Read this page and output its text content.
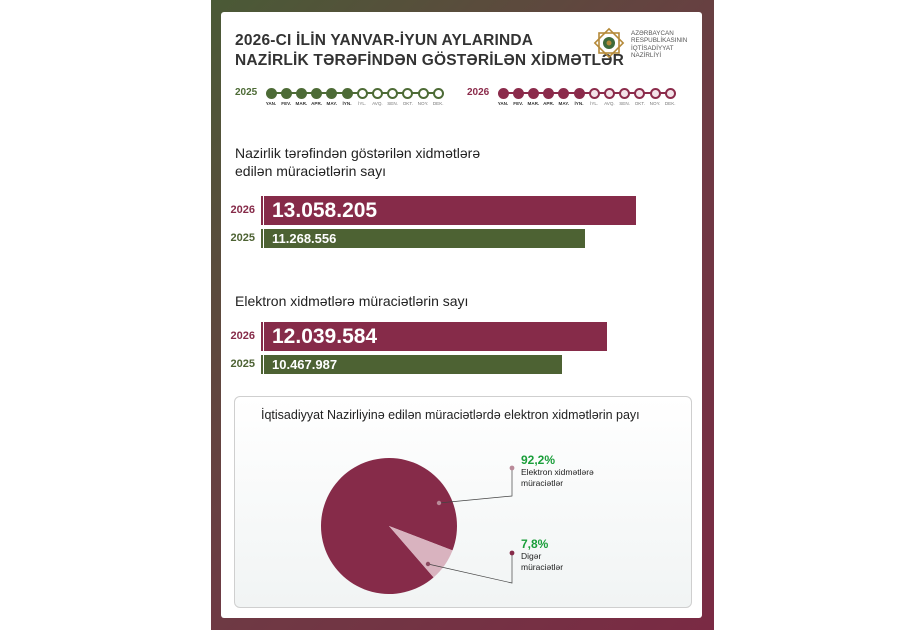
2026-CI İLİN YANVAR-İYUN AYLARINDA
NAZİRLİK TƏRƏFİNDƏN GÖSTƏRİLƏN XİDMƏTLƏR
AZƏRBAYCAN
RESPUBLİKASININ
İQTİSADİYYAT
NAZİRLİYİ
2025
YAN.	FEV. MAR. APR. MAY.	İYN.	İYL.	AVQ. SEN.	OKT.	NOY. DEK.
2026
YAN.	FEV. MAR. APR. MAY.	İYN.	İYL.	AVQ. SEN.	OKT.	NOY. DEK.
Nazirlik tərəfindən göstərilən xidmətlərə
edilən müraciətlərin sayı
2026 13.058.205
2025 11.268.556
Elektron xidmətlərə müraciətlərin sayı
2026 12.039.584
2025 10.467.987
İqtisadiyyat Nazirliyinə edilən müraciətlərdə elektron xidmətlərin payı
92,2%
Elektron xidmətlərə
müraciətlər
7,8%
Digər
müraciətlər
